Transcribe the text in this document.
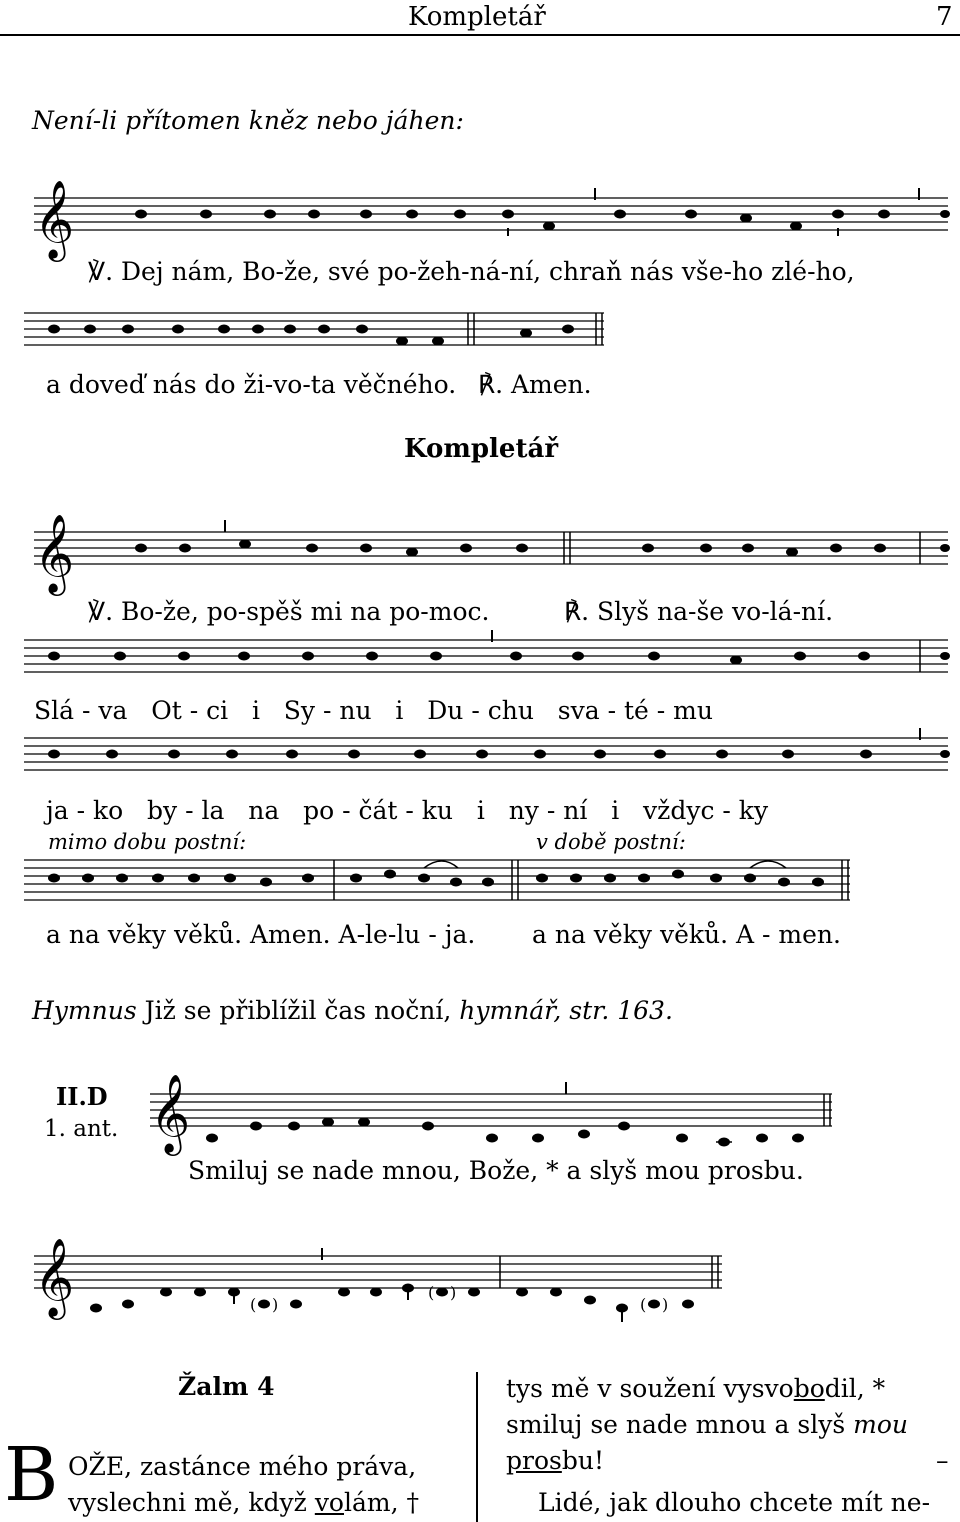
Kompletář	7
Není-li přítomen kněz nebo jáhen:
𝄞
℣. Dej nám, Bo-že, své po-žeh-ná-ní, chraň nás vše-ho zlé-ho,
a doveď nás do ži-vo-ta věčného. ℟. Amen.
Kompletář
𝄞
℣. Bo-že, po-spěš mi na po-moc.	℟. Slyš na-še vo-lá-ní.
Slá - va   Ot - ci   i   Sy - nu   i   Du - chu   sva - té - mu
ja - ko   by - la   na   po - čát - ku   i   ny - ní   i   vždyc - ky
mimo dobu postní:	v době postní:
a na věky věků. Amen. A-le-lu - ja. a na věky věků. A - men.
Hymnus Již se přiblížil čas noční, hymnář, str. 163.
II.D
1. ant. 𝄞
Smiluj se nade mnou, Bože, * a slyš mou prosbu.
𝄞	( )
( )
( )
Žalm 4
B OŽE, zastánce mého práva,
vyslechni mě, když volám, †
tys mě v soužení vysvobodil, *
smiluj se nade mnou a slyš mou
prosbu!	–
Lidé, jak dlouho chcete mít ne-
